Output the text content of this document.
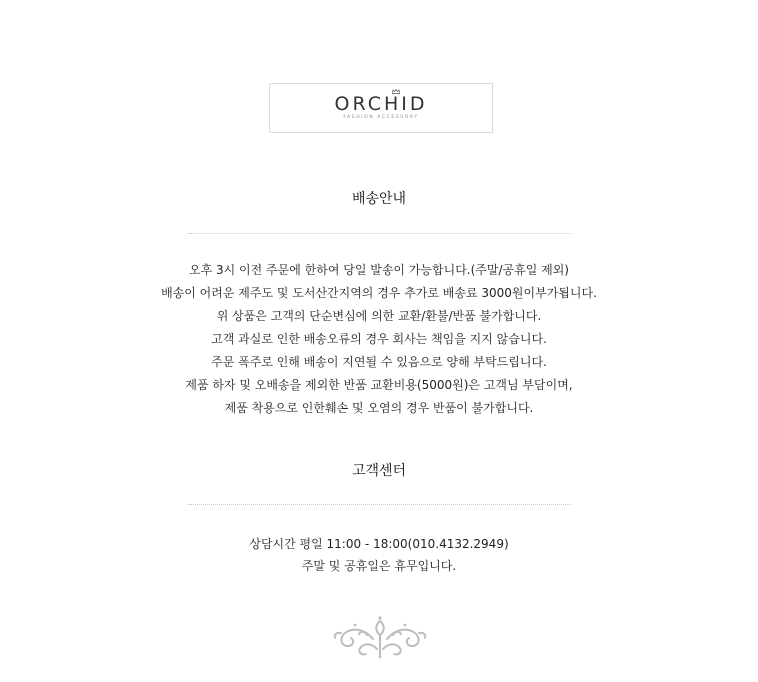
ORCHID
FASHION ACCESSORY
배송안내
오후 3시 이전 주문에 한하여 당일 발송이 가능합니다.(주말/공휴일 제외)
배송이 어려운 제주도 및 도서산간지역의 경우 추가로 배송료 3000원이부가됩니다.
위 상품은 고객의 단순변심에 의한 교환/환불/반품 불가합니다.
고객 과실로 인한 배송오류의 경우 회사는 책임을 지지 않습니다.
주문 폭주로 인해 배송이 지연될 수 있음으로 양해 부탁드립니다.
제품 하자 및 오배송을 제외한 반품 교환비용(5000원)은 고객님 부담이며,
제품 착용으로 인한훼손 및 오염의 경우 반품이 불가합니다.
고객센터
상담시간 평일 11:00 - 18:00(010.4132.2949)
주말 및 공휴일은 휴무입니다.
